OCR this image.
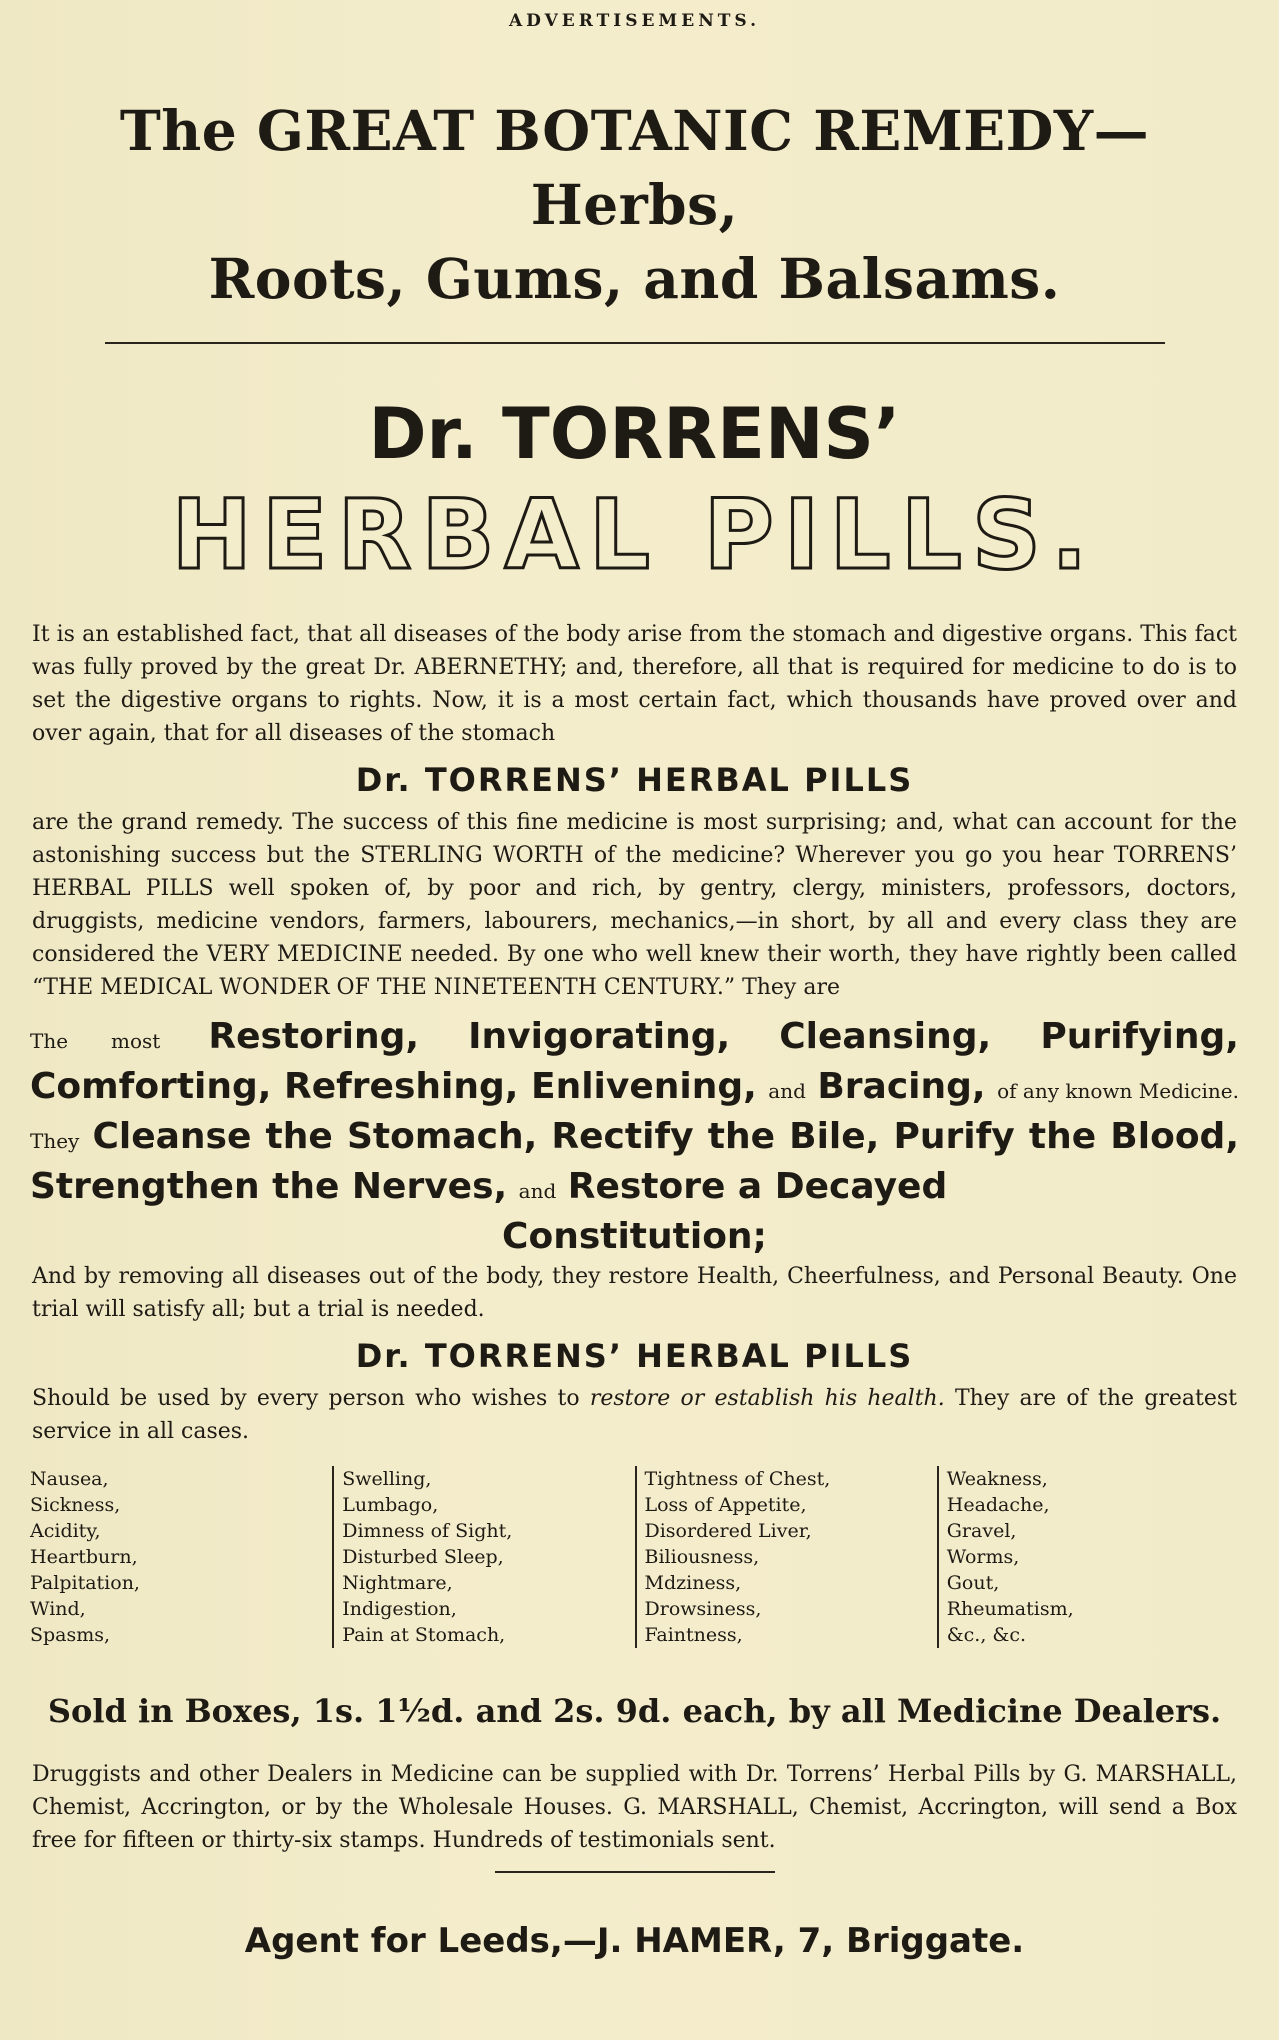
ADVERTISEMENTS.
The GREAT BOTANIC REMEDY—Herbs,
Roots, Gums, and Balsams.
Dr. TORRENS’
HERBAL PILLS.

It is an established fact, that all diseases of the body arise from the stomach and digestive organs. This fact was fully proved by the great Dr. ABERNETHY; and, therefore, all that is required for medicine to do is to set the digestive organs to rights. Now, it is a most certain fact, which thousands have proved over and over again, that for all diseases of the stomach

Dr. TORRENS’ HERBAL PILLS

are the grand remedy. The success of this fine medicine is most surprising; and, what can account for the astonishing success but the STERLING WORTH of the medicine? Wherever you go you hear TORRENS’ HERBAL PILLS well spoken of, by poor and rich, by gentry, clergy, ministers, professors, doctors, druggists, medicine vendors, farmers, labourers, mechanics,—in short, by all and every class they are considered the VERY MEDICINE needed. By one who well knew their worth, they have rightly been called “THE MEDICAL WONDER OF THE NINETEENTH CENTURY.” They are

The most Restoring, Invigorating, Cleansing, Purifying, Comforting, Refreshing, Enlivening, and Bracing, of any known Medicine. They Cleanse the Stomach, Rectify the Bile, Purify the Blood, Strengthen the Nerves, and Restore a Decayed
Constitution;

And by removing all diseases out of the body, they restore Health, Cheerfulness, and Personal Beauty. One trial will satisfy all; but a trial is needed.

Dr. TORRENS’ HERBAL PILLS

Should be used by every person who wishes to restore or establish his health. They are of the greatest service in all cases.

Nausea,
Sickness,
Acidity,
Heartburn,
Palpitation,
Wind,
Spasms,
Swelling,
Lumbago,
Dimness of Sight,
Disturbed Sleep,
Nightmare,
Indigestion,
Pain at Stomach,
Tightness of Chest,
Loss of Appetite,
Disordered Liver,
Biliousness,
Mdziness,
Drowsiness,
Faintness,
Weakness,
Headache,
Gravel,
Worms,
Gout,
Rheumatism,
&c., &c.
Sold in Boxes, 1s. 1½d. and 2s. 9d. each, by all Medicine Dealers.

Druggists and other Dealers in Medicine can be supplied with Dr. Torrens’ Herbal Pills by G. MARSHALL, Chemist, Accrington, or by the Wholesale Houses. G. MARSHALL, Chemist, Accrington, will send a Box free for fifteen or thirty-six stamps. Hundreds of testimonials sent.

Agent for Leeds,—J. HAMER, 7, Briggate.
